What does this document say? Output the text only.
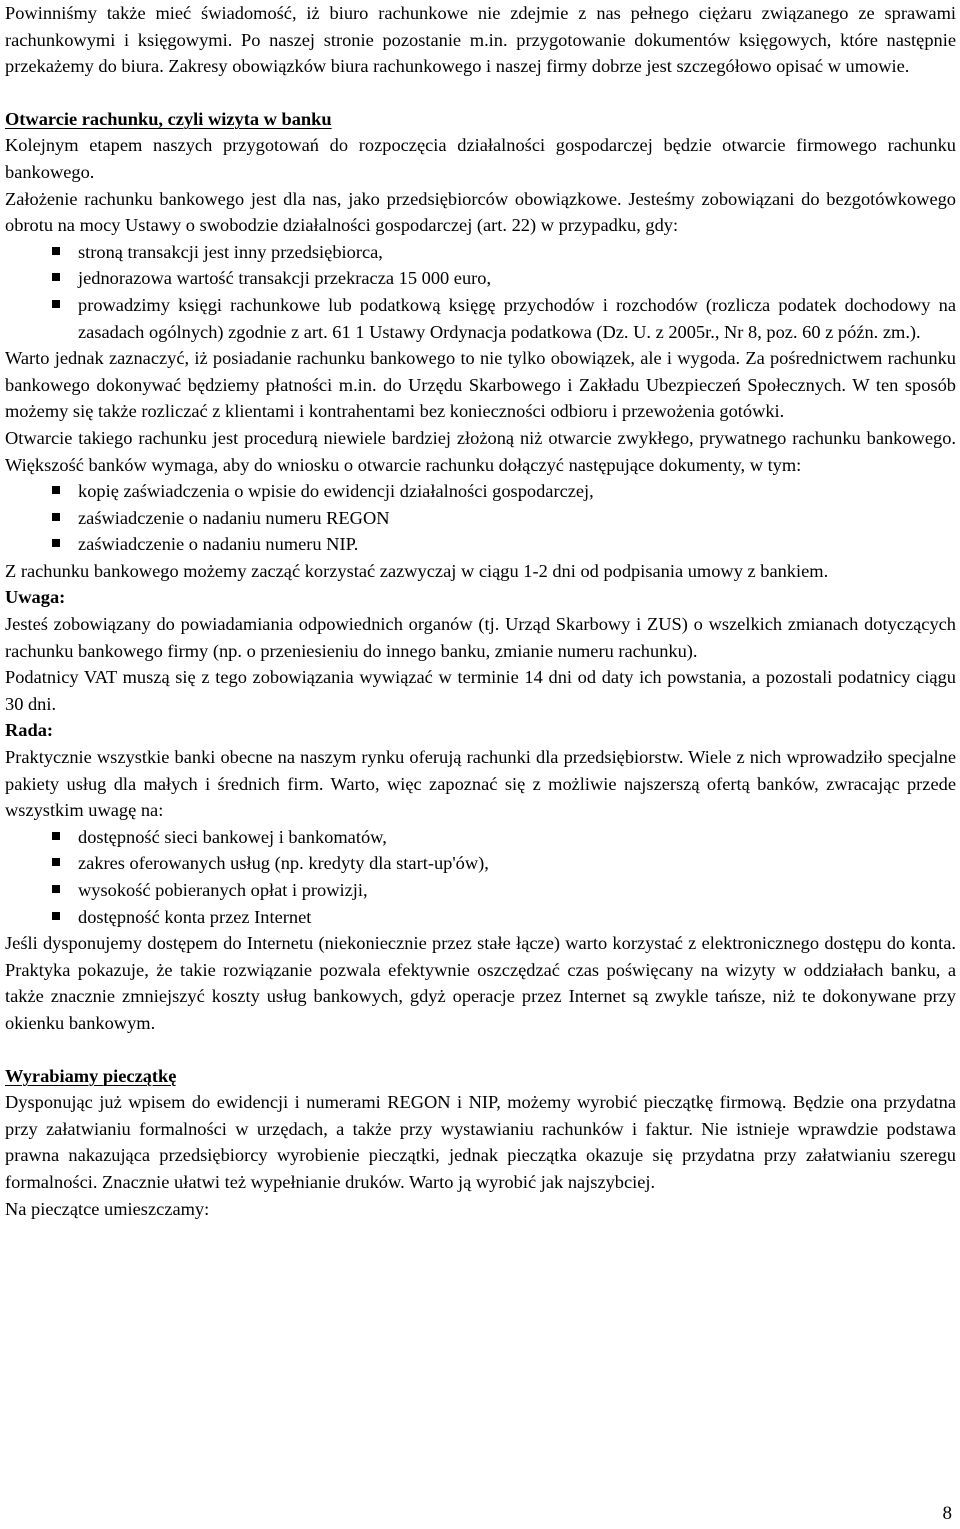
Powinniśmy także mieć świadomość, iż biuro rachunkowe nie zdejmie z nas pełnego ciężaru związanego ze sprawami rachunkowymi i księgowymi. Po naszej stronie pozostanie m.in. przygotowanie dokumentów księgowych, które następnie przekażemy do biura. Zakresy obowiązków biura rachunkowego i naszej firmy dobrze jest szczegółowo opisać w umowie.

Otwarcie rachunku, czyli wizyta w banku

Kolejnym etapem naszych przygotowań do rozpoczęcia działalności gospodarczej będzie otwarcie firmowego rachunku bankowego.

Założenie rachunku bankowego jest dla nas, jako przedsiębiorców obowiązkowe. Jesteśmy zobowiązani do bezgotówkowego obrotu na mocy Ustawy o swobodzie działalności gospodarczej (art. 22) w przypadku, gdy:

stroną transakcji jest inny przedsiębiorca,
jednorazowa wartość transakcji przekracza 15 000 euro,
prowadzimy księgi rachunkowe lub podatkową księgę przychodów i rozchodów (rozlicza podatek dochodowy na zasadach ogólnych) zgodnie z art. 61 1 Ustawy Ordynacja podatkowa (Dz. U. z 2005r., Nr 8, poz. 60 z późn. zm.).

Warto jednak zaznaczyć, iż posiadanie rachunku bankowego to nie tylko obowiązek, ale i wygoda. Za pośrednictwem rachunku bankowego dokonywać będziemy płatności m.in. do Urzędu Skarbowego i Zakładu Ubezpieczeń Społecznych. W ten sposób możemy się także rozliczać z klientami i kontrahentami bez konieczności odbioru i przewożenia gotówki.

Otwarcie takiego rachunku jest procedurą niewiele bardziej złożoną niż otwarcie zwykłego, prywatnego rachunku bankowego. Większość banków wymaga, aby do wniosku o otwarcie rachunku dołączyć następujące dokumenty, w tym:

kopię zaświadczenia o wpisie do ewidencji działalności gospodarczej,
zaświadczenie o nadaniu numeru REGON
zaświadczenie o nadaniu numeru NIP.

Z rachunku bankowego możemy zacząć korzystać zazwyczaj w ciągu 1-2 dni od podpisania umowy z bankiem.

Uwaga:

Jesteś zobowiązany do powiadamiania odpowiednich organów (tj. Urząd Skarbowy i ZUS) o wszelkich zmianach dotyczących rachunku bankowego firmy (np. o przeniesieniu do innego banku, zmianie numeru rachunku).

Podatnicy VAT muszą się z tego zobowiązania wywiązać w terminie 14 dni od daty ich powstania, a pozostali podatnicy ciągu 30 dni.

Rada:

Praktycznie wszystkie banki obecne na naszym rynku oferują rachunki dla przedsiębiorstw. Wiele z nich wprowadziło specjalne pakiety usług dla małych i średnich firm. Warto, więc zapoznać się z możliwie najszerszą ofertą banków, zwracając przede wszystkim uwagę na:

dostępność sieci bankowej i bankomatów,
zakres oferowanych usług (np. kredyty dla start-up'ów),
wysokość pobieranych opłat i prowizji,
dostępność konta przez Internet

Jeśli dysponujemy dostępem do Internetu (niekoniecznie przez stałe łącze) warto korzystać z elektronicznego dostępu do konta. Praktyka pokazuje, że takie rozwiązanie pozwala efektywnie oszczędzać czas poświęcany na wizyty w oddziałach banku, a także znacznie zmniejszyć koszty usług bankowych, gdyż operacje przez Internet są zwykle tańsze, niż te dokonywane przy okienku bankowym.

Wyrabiamy pieczątkę

Dysponując już wpisem do ewidencji i numerami REGON i NIP, możemy wyrobić pieczątkę firmową. Będzie ona przydatna przy załatwianiu formalności w urzędach, a także przy wystawianiu rachunków i faktur. Nie istnieje wprawdzie podstawa prawna nakazująca przedsiębiorcy wyrobienie pieczątki, jednak pieczątka okazuje się przydatna przy załatwianiu szeregu formalności. Znacznie ułatwi też wypełnianie druków. Warto ją wyrobić jak najszybciej.

Na pieczątce umieszczamy:

8
